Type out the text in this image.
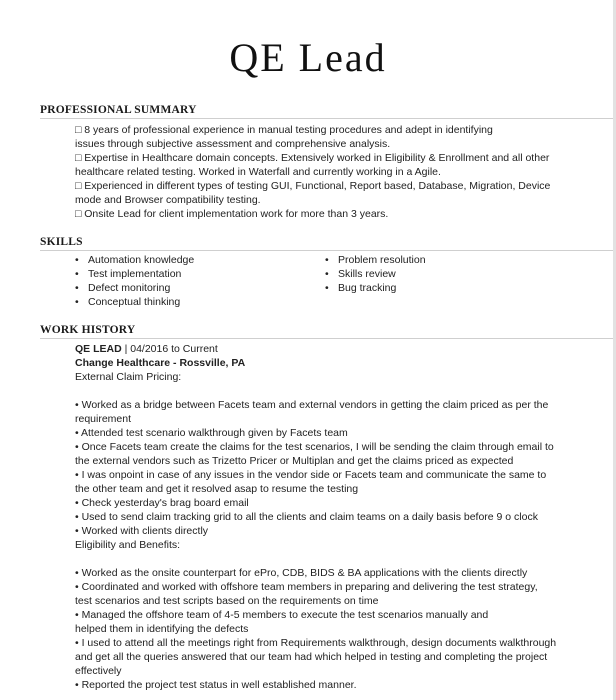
QE Lead
PROFESSIONAL SUMMARY
□ 8 years of professional experience in manual testing procedures and adept in identifying
issues through subjective assessment and comprehensive analysis.
□ Expertise in Healthcare domain concepts. Extensively worked in Eligibility & Enrollment and all other
healthcare related testing. Worked in Waterfall and currently working in a Agile.
□ Experienced in different types of testing GUI, Functional, Report based, Database, Migration, Device
mode and Browser compatibility testing.
□ Onsite Lead for client implementation work for more than 3 years.
SKILLS
• Automation knowledge
• Test implementation
• Defect monitoring
• Conceptual thinking
• Problem resolution
• Skills review
• Bug tracking
WORK HISTORY
QE LEAD | 04/2016 to Current
Change Healthcare - Rossville, PA
External Claim Pricing:
• Worked as a bridge between Facets team and external vendors in getting the claim priced as per the
requirement
• Attended test scenario walkthrough given by Facets team
• Once Facets team create the claims for the test scenarios, I will be sending the claim through email to
the external vendors such as Trizetto Pricer or Multiplan and get the claims priced as expected
• I was onpoint in case of any issues in the vendor side or Facets team and communicate the same to
the other team and get it resolved asap to resume the testing
• Check yesterday's brag board email
• Used to send claim tracking grid to all the clients and claim teams on a daily basis before 9 o clock
• Worked with clients directly
Eligibility and Benefits:
• Worked as the onsite counterpart for ePro, CDB, BIDS & BA applications with the clients directly
• Coordinated and worked with offshore team members in preparing and delivering the test strategy,
test scenarios and test scripts based on the requirements on time
• Managed the offshore team of 4-5 members to execute the test scenarios manually and
helped them in identifying the defects
• I used to attend all the meetings right from Requirements walkthrough, design documents walkthrough
and get all the queries answered that our team had which helped in testing and completing the project
effectively
• Reported the project test status in well established manner.
